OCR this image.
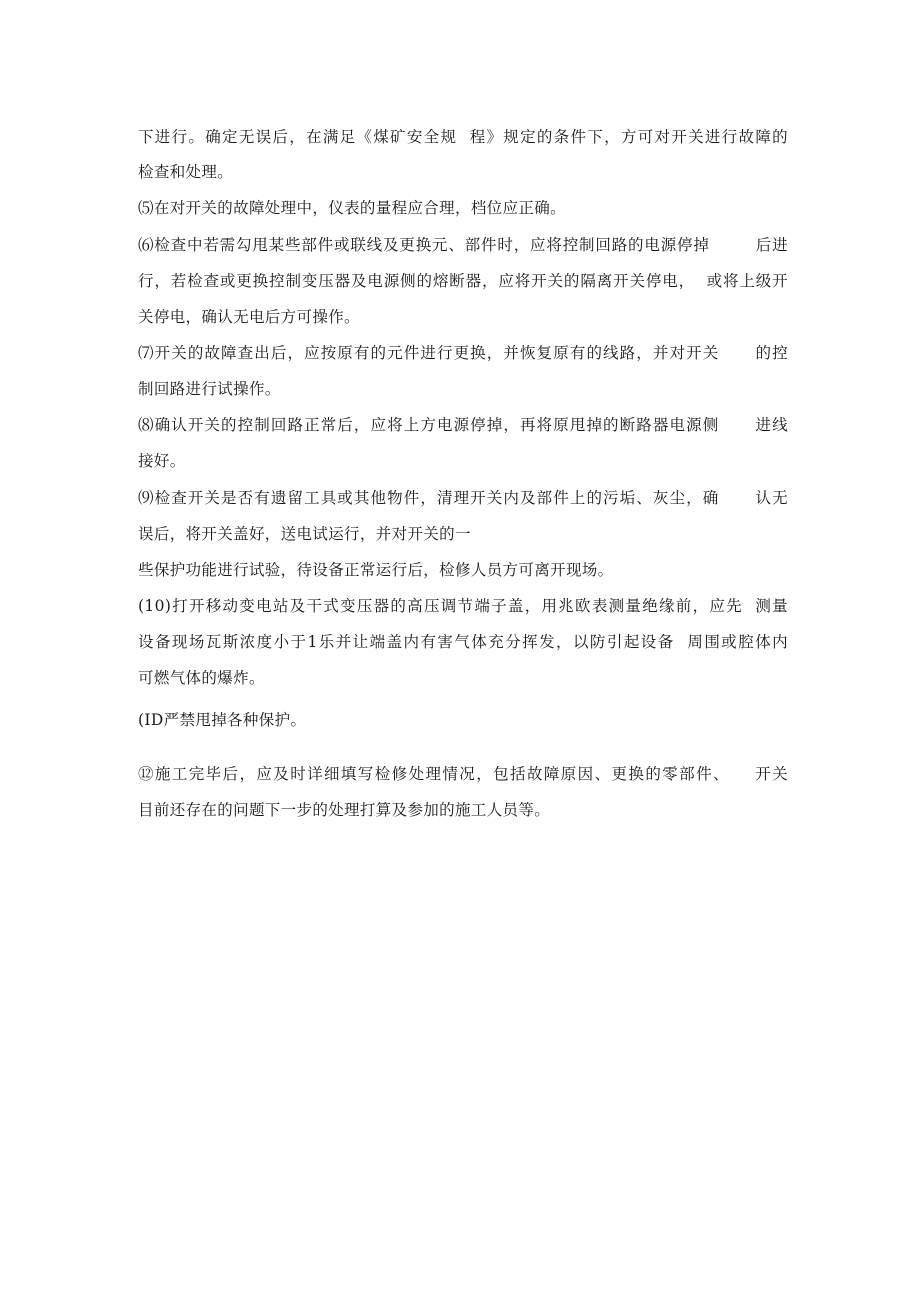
下进行。确定无误后，在满足《煤矿安全规  程》规定的条件下，方可对开关进行故障的
检查和处理。
⑸在对开关的故障处理中，仪表的量程应合理，档位应正确。
⑹检查中若需勾甩某些部件或联线及更换元、部件时，应将控制回路的电源停掉        后进
行，若检查或更换控制变压器及电源侧的熔断器，应将开关的隔离开关停电，  或将上级开
关停电，确认无电后方可操作。
⑺开关的故障查出后，应按原有的元件进行更换，并恢复原有的线路，并对开关      的控
制回路进行试操作。
⑻确认开关的控制回路正常后，应将上方电源停掉，再将原甩掉的断路器电源侧      进线
接好。
⑼检查开关是否有遗留工具或其他物件，清理开关内及部件上的污垢、灰尘，确      认无
误后，将开关盖好，送电试运行，并对开关的一
些保护功能进行试验，待设备正常运行后，检修人员方可离开现场。
(10)打开移动变电站及干式变压器的高压调节端子盖，用兆欧表测量绝缘前，应先  测量
设备现场瓦斯浓度小于1乐并让端盖内有害气体充分挥发，以防引起设备  周围或腔体内
可燃气体的爆炸。
(ID严禁甩掉各种保护。
⑫施工完毕后，应及时详细填写检修处理情况，包括故障原因、更换的零部件、    开关
目前还存在的问题下一步的处理打算及参加的施工人员等。
